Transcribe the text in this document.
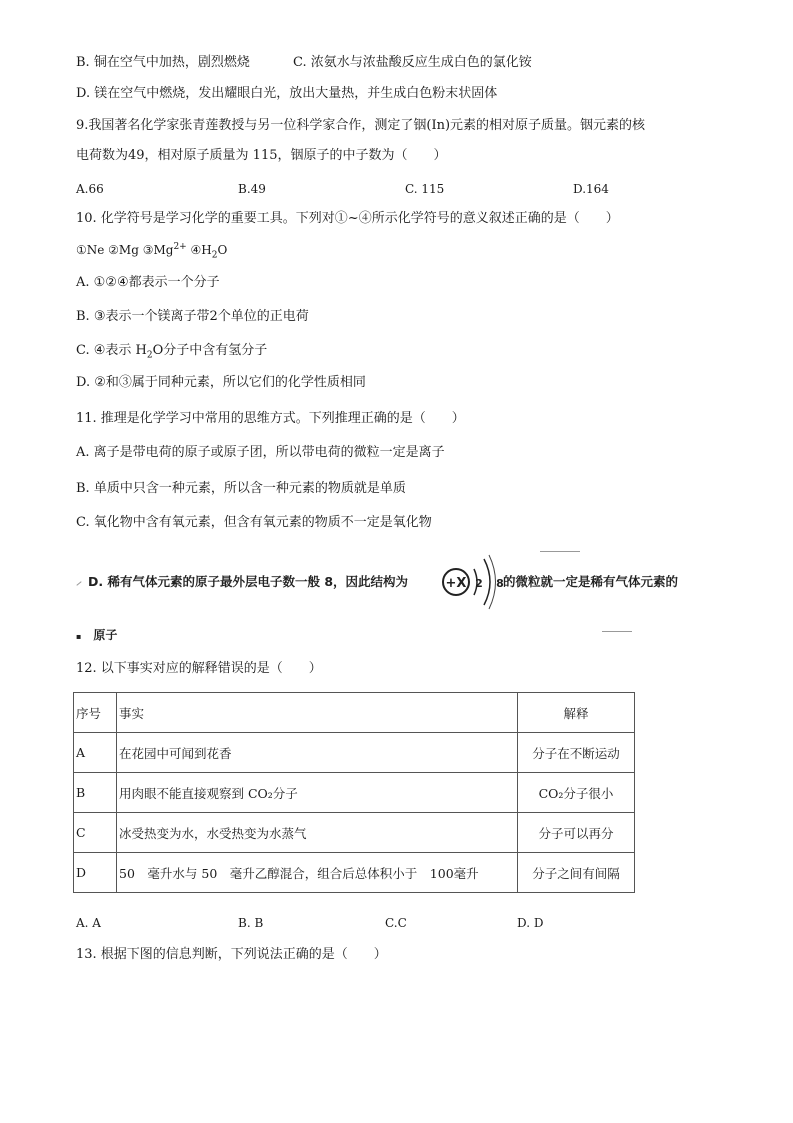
B. 铜在空气中加热，剧烈燃烧	C. 浓氨水与浓盐酸反应生成白色的氯化铵
D. 镁在空气中燃烧，发出耀眼白光，放出大量热，并生成白色粉末状固体
9.我国著名化学家张青莲教授与另一位科学家合作，测定了铟(In)元素的相对原子质量。铟元素的核
电荷数为49，相对原子质量为 115，铟原子的中子数为（　　）
A.66	B.49	C. 115	D.164
10. 化学符号是学习化学的重要工具。下列对①~④所示化学符号的意义叙述正确的是（　　）
①Ne ②Mg $③Mg^{2+}$ $④H_2O$
A. ①②④都表示一个分子
B. ③表示一个镁离子带2个单位的正电荷
C. ④表示 $H_2O$分子中含有氢分子
D. ②和③属于同种元素，所以它们的化学性质相同
11. 推理是化学学习中常用的思维方式。下列推理正确的是（　　）
A. 离子是带电荷的原子或原子团，所以带电荷的微粒一定是离子
B. 单质中只含一种元素，所以含一种元素的物质就是单质
C. 氧化物中含有氧元素，但含有氧元素的物质不一定是氧化物
D. 稀有气体元素的原子最外层电子数一般 8，因此结构为	+X 2 8 的微粒就一定是稀有气体元素的
▪ 原子
12. 以下事实对应的解释错误的是（　　）
序号	事实	解释
A	在花园中可闻到花香	分子在不断运动
B	用肉眼不能直接观察到 CO₂分子	CO₂分子很小
C	冰受热变为水，水受热变为水蒸气	分子可以再分
D	50　毫升水与 50　毫升乙醇混合，组合后总体积小于　100毫升	分子之间有间隔
A. A	B. B	C.C	D. D
13. 根据下图的信息判断，下列说法正确的是（　　）
